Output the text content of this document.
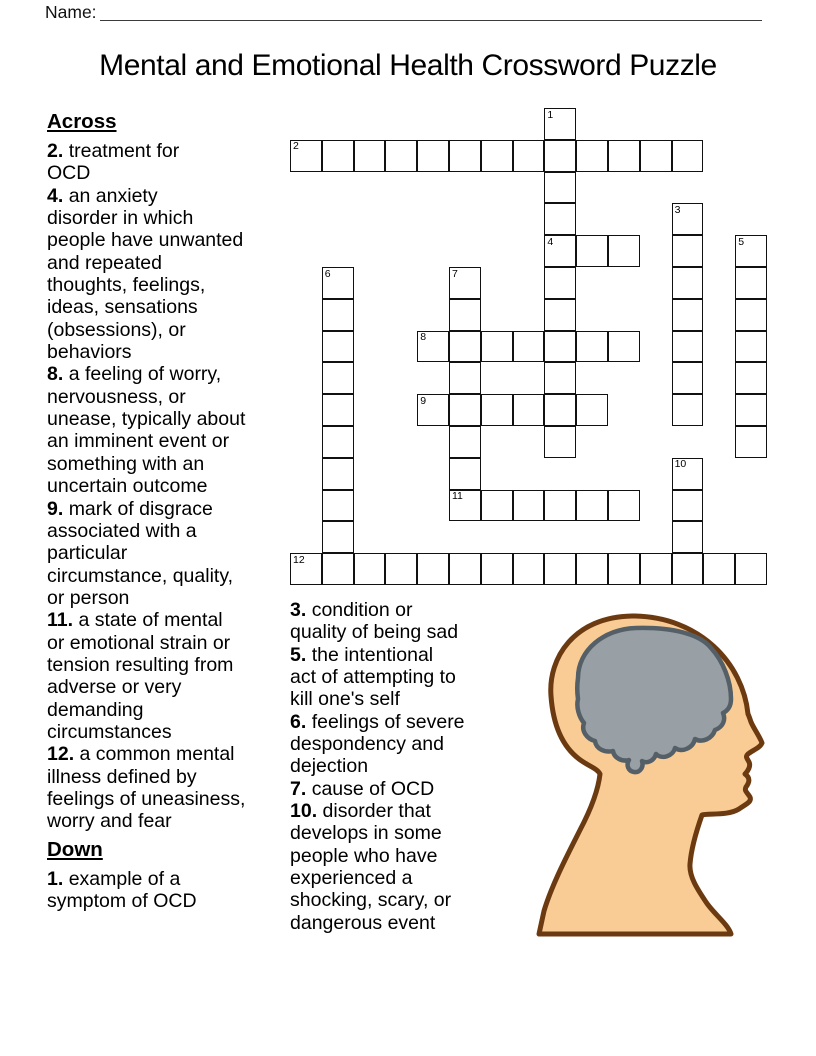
Name:
Mental and Emotional Health Crossword Puzzle
Across

2. treatment for
OCD

4. an anxiety
disorder in which
people have unwanted
and repeated
thoughts, feelings,
ideas, sensations
(obsessions), or
behaviors

8. a feeling of worry,
nervousness, or
unease, typically about
an imminent event or
something with an
uncertain outcome

9. mark of disgrace
associated with a
particular
circumstance, quality,
or person

11. a state of mental
or emotional strain or
tension resulting from
adverse or very
demanding
circumstances

12. a common mental
illness defined by
feelings of uneasiness,
worry and fear

Down

1. example of a
symptom of OCD

3. condition or
quality of being sad

5. the intentional
act of attempting to
kill one's self

6. feelings of severe
despondency and
dejection

7. cause of OCD

10. disorder that
develops in some
people who have
experienced a
shocking, scary, or
dangerous event

1
4
2
3
5
6	7
11
8
9
10
12
